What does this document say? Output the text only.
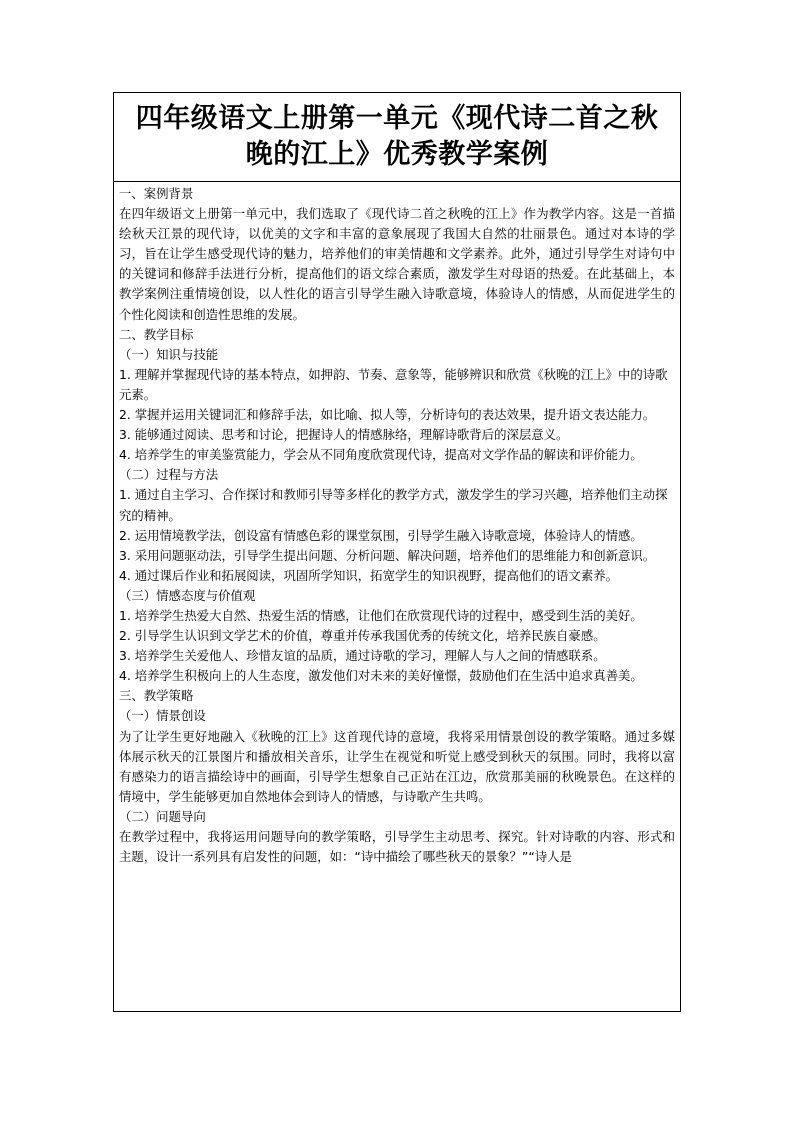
四年级语文上册第一单元《现代诗二首之秋
晚的江上》优秀教学案例

一、案例背景

在四年级语文上册第一单元中，我们选取了《现代诗二首之秋晚的江上》作为教学内容。这是一首描绘秋天江景的现代诗，以优美的文字和丰富的意象展现了我国大自然的壮丽景色。通过对本诗的学习，旨在让学生感受现代诗的魅力，培养他们的审美情趣和文学素养。此外，通过引导学生对诗句中的关键词和修辞手法进行分析，提高他们的语文综合素质，激发学生对母语的热爱。在此基础上，本教学案例注重情境创设，以人性化的语言引导学生融入诗歌意境，体验诗人的情感，从而促进学生的个性化阅读和创造性思维的发展。

二、教学目标

（一）知识与技能

1. 理解并掌握现代诗的基本特点，如押韵、节奏、意象等，能够辨识和欣赏《秋晚的江上》中的诗歌元素。

2. 掌握并运用关键词汇和修辞手法，如比喻、拟人等，分析诗句的表达效果，提升语文表达能力。

3. 能够通过阅读、思考和讨论，把握诗人的情感脉络，理解诗歌背后的深层意义。

4. 培养学生的审美鉴赏能力，学会从不同角度欣赏现代诗，提高对文学作品的解读和评价能力。

（二）过程与方法

1. 通过自主学习、合作探讨和教师引导等多样化的教学方式，激发学生的学习兴趣，培养他们主动探究的精神。

2. 运用情境教学法，创设富有情感色彩的课堂氛围，引导学生融入诗歌意境，体验诗人的情感。

3. 采用问题驱动法，引导学生提出问题、分析问题、解决问题，培养他们的思维能力和创新意识。

4. 通过课后作业和拓展阅读，巩固所学知识，拓宽学生的知识视野，提高他们的语文素养。

（三）情感态度与价值观

1. 培养学生热爱大自然、热爱生活的情感，让他们在欣赏现代诗的过程中，感受到生活的美好。

2. 引导学生认识到文学艺术的价值，尊重并传承我国优秀的传统文化，培养民族自豪感。

3. 培养学生关爱他人、珍惜友谊的品质，通过诗歌的学习，理解人与人之间的情感联系。

4. 培养学生积极向上的人生态度，激发他们对未来的美好憧憬，鼓励他们在生活中追求真善美。

三、教学策略

（一）情景创设

为了让学生更好地融入《秋晚的江上》这首现代诗的意境，我将采用情景创设的教学策略。通过多媒体展示秋天的江景图片和播放相关音乐，让学生在视觉和听觉上感受到秋天的氛围。同时，我将以富有感染力的语言描绘诗中的画面，引导学生想象自己正站在江边，欣赏那美丽的秋晚景色。在这样的情境中，学生能够更加自然地体会到诗人的情感，与诗歌产生共鸣。

（二）问题导向

在教学过程中，我将运用问题导向的教学策略，引导学生主动思考、探究。针对诗歌的内容、形式和主题，设计一系列具有启发性的问题，如：“诗中描绘了哪些秋天的景象？”“诗人是
